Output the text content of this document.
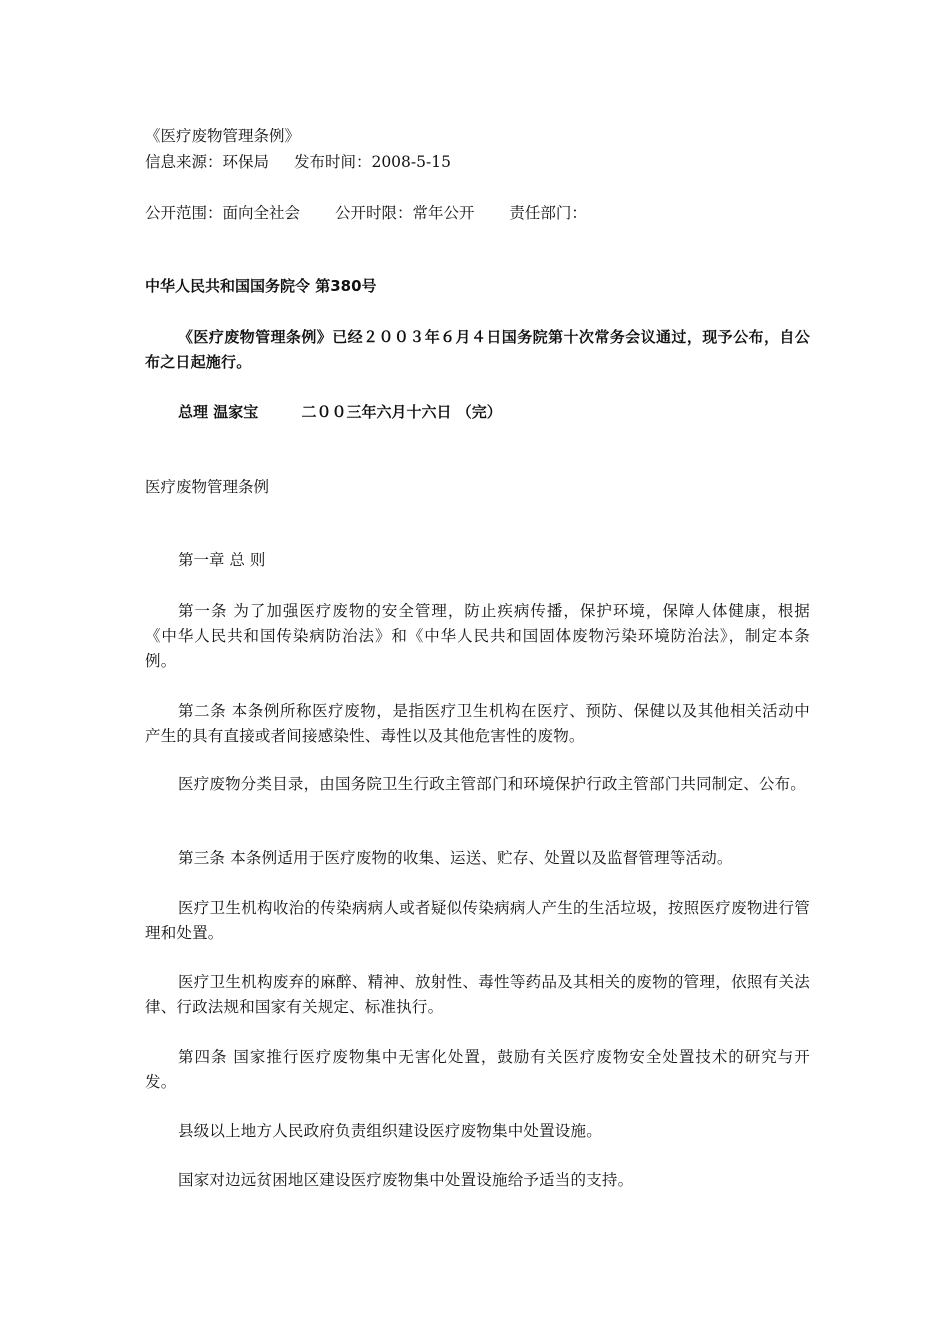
《医疗废物管理条例》
信息来源：环保局 发布时间：2008-5-15
公开范围：面向全社会 公开时限：常年公开 责任部门：
中华人民共和国国务院令 第380号
《医疗废物管理条例》已经２００３年６月４日国务院第十次常务会议通过，现予公布，自公布之日起施行。
总理 温家宝	二００三年六月十六日 （完）
医疗废物管理条例
第一章 总 则
第一条 为了加强医疗废物的安全管理，防止疾病传播，保护环境，保障人体健康，根据《中华人民共和国传染病防治法》和《中华人民共和国固体废物污染环境防治法》，制定本条例。
第二条 本条例所称医疗废物，是指医疗卫生机构在医疗、预防、保健以及其他相关活动中产生的具有直接或者间接感染性、毒性以及其他危害性的废物。
医疗废物分类目录，由国务院卫生行政主管部门和环境保护行政主管部门共同制定、公布。
第三条 本条例适用于医疗废物的收集、运送、贮存、处置以及监督管理等活动。
医疗卫生机构收治的传染病病人或者疑似传染病病人产生的生活垃圾，按照医疗废物进行管理和处置。
医疗卫生机构废弃的麻醉、精神、放射性、毒性等药品及其相关的废物的管理，依照有关法律、行政法规和国家有关规定、标准执行。
第四条 国家推行医疗废物集中无害化处置，鼓励有关医疗废物安全处置技术的研究与开发。
县级以上地方人民政府负责组织建设医疗废物集中处置设施。
国家对边远贫困地区建设医疗废物集中处置设施给予适当的支持。
